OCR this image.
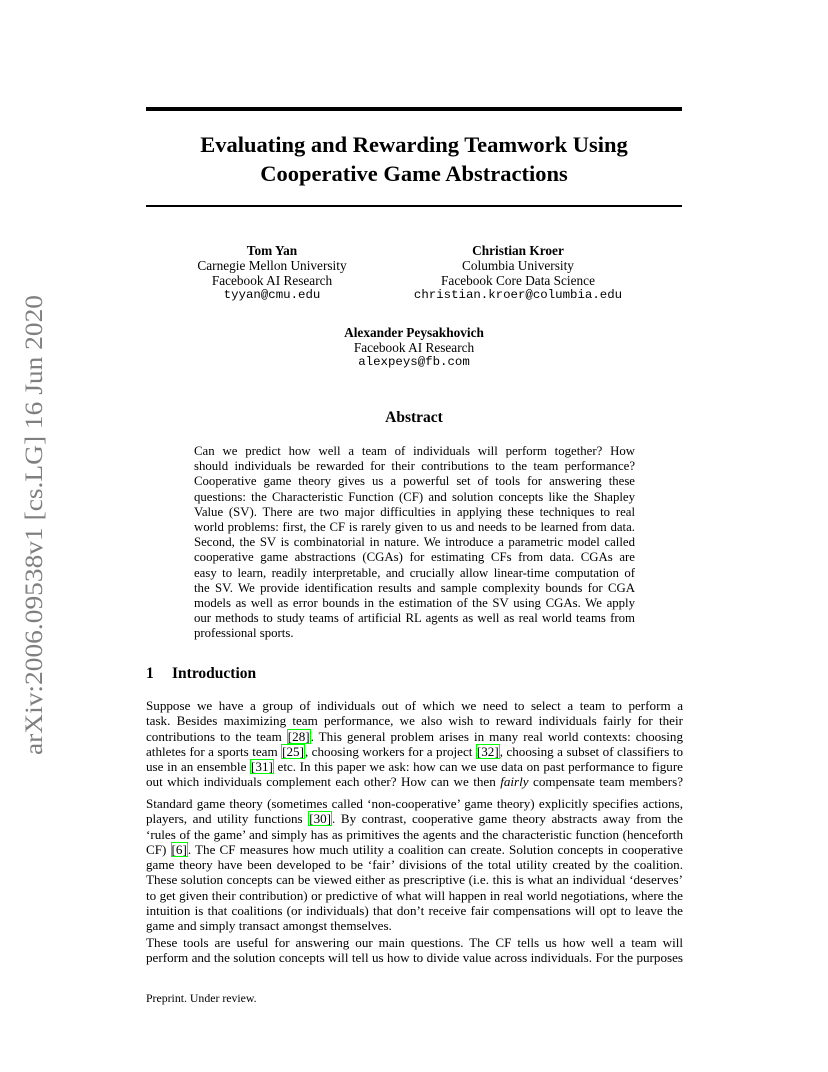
arXiv:2006.09538v1 [cs.LG] 16 Jun 2020
Evaluating and Rewarding Teamwork Using
Cooperative Game Abstractions
Tom Yan
Carnegie Mellon University
Facebook AI Research
tyyan@cmu.edu
Christian Kroer
Columbia University
Facebook Core Data Science
christian.kroer@columbia.edu
Alexander Peysakhovich
Facebook AI Research
alexpeys@fb.com
Abstract
Can we predict how well a team of individuals will perform together? How
should individuals be rewarded for their contributions to the team performance?
Cooperative game theory gives us a powerful set of tools for answering these
questions: the Characteristic Function (CF) and solution concepts like the Shapley
Value (SV). There are two major difficulties in applying these techniques to real
world problems: first, the CF is rarely given to us and needs to be learned from data.
Second, the SV is combinatorial in nature. We introduce a parametric model called
cooperative game abstractions (CGAs) for estimating CFs from data. CGAs are
easy to learn, readily interpretable, and crucially allow linear-time computation of
the SV. We provide identification results and sample complexity bounds for CGA
models as well as error bounds in the estimation of the SV using CGAs. We apply
our methods to study teams of artificial RL agents as well as real world teams from
professional sports.
1 Introduction
Suppose we have a group of individuals out of which we need to select a team to perform a
task. Besides maximizing team performance, we also wish to reward individuals fairly for their
contributions to the team [28]. This general problem arises in many real world contexts: choosing
athletes for a sports team [25], choosing workers for a project [32], choosing a subset of classifiers to
use in an ensemble [31] etc. In this paper we ask: how can we use data on past performance to figure
out which individuals complement each other? How can we then fairly compensate team members?
Standard game theory (sometimes called ‘non-cooperative’ game theory) explicitly specifies actions,
players, and utility functions [30]. By contrast, cooperative game theory abstracts away from the
‘rules of the game’ and simply has as primitives the agents and the characteristic function (henceforth
CF) [6]. The CF measures how much utility a coalition can create. Solution concepts in cooperative
game theory have been developed to be ‘fair’ divisions of the total utility created by the coalition.
These solution concepts can be viewed either as prescriptive (i.e. this is what an individual ‘deserves’
to get given their contribution) or predictive of what will happen in real world negotiations, where the
intuition is that coalitions (or individuals) that don’t receive fair compensations will opt to leave the
game and simply transact amongst themselves.
These tools are useful for answering our main questions. The CF tells us how well a team will
perform and the solution concepts will tell us how to divide value across individuals. For the purposes
Preprint. Under review.
